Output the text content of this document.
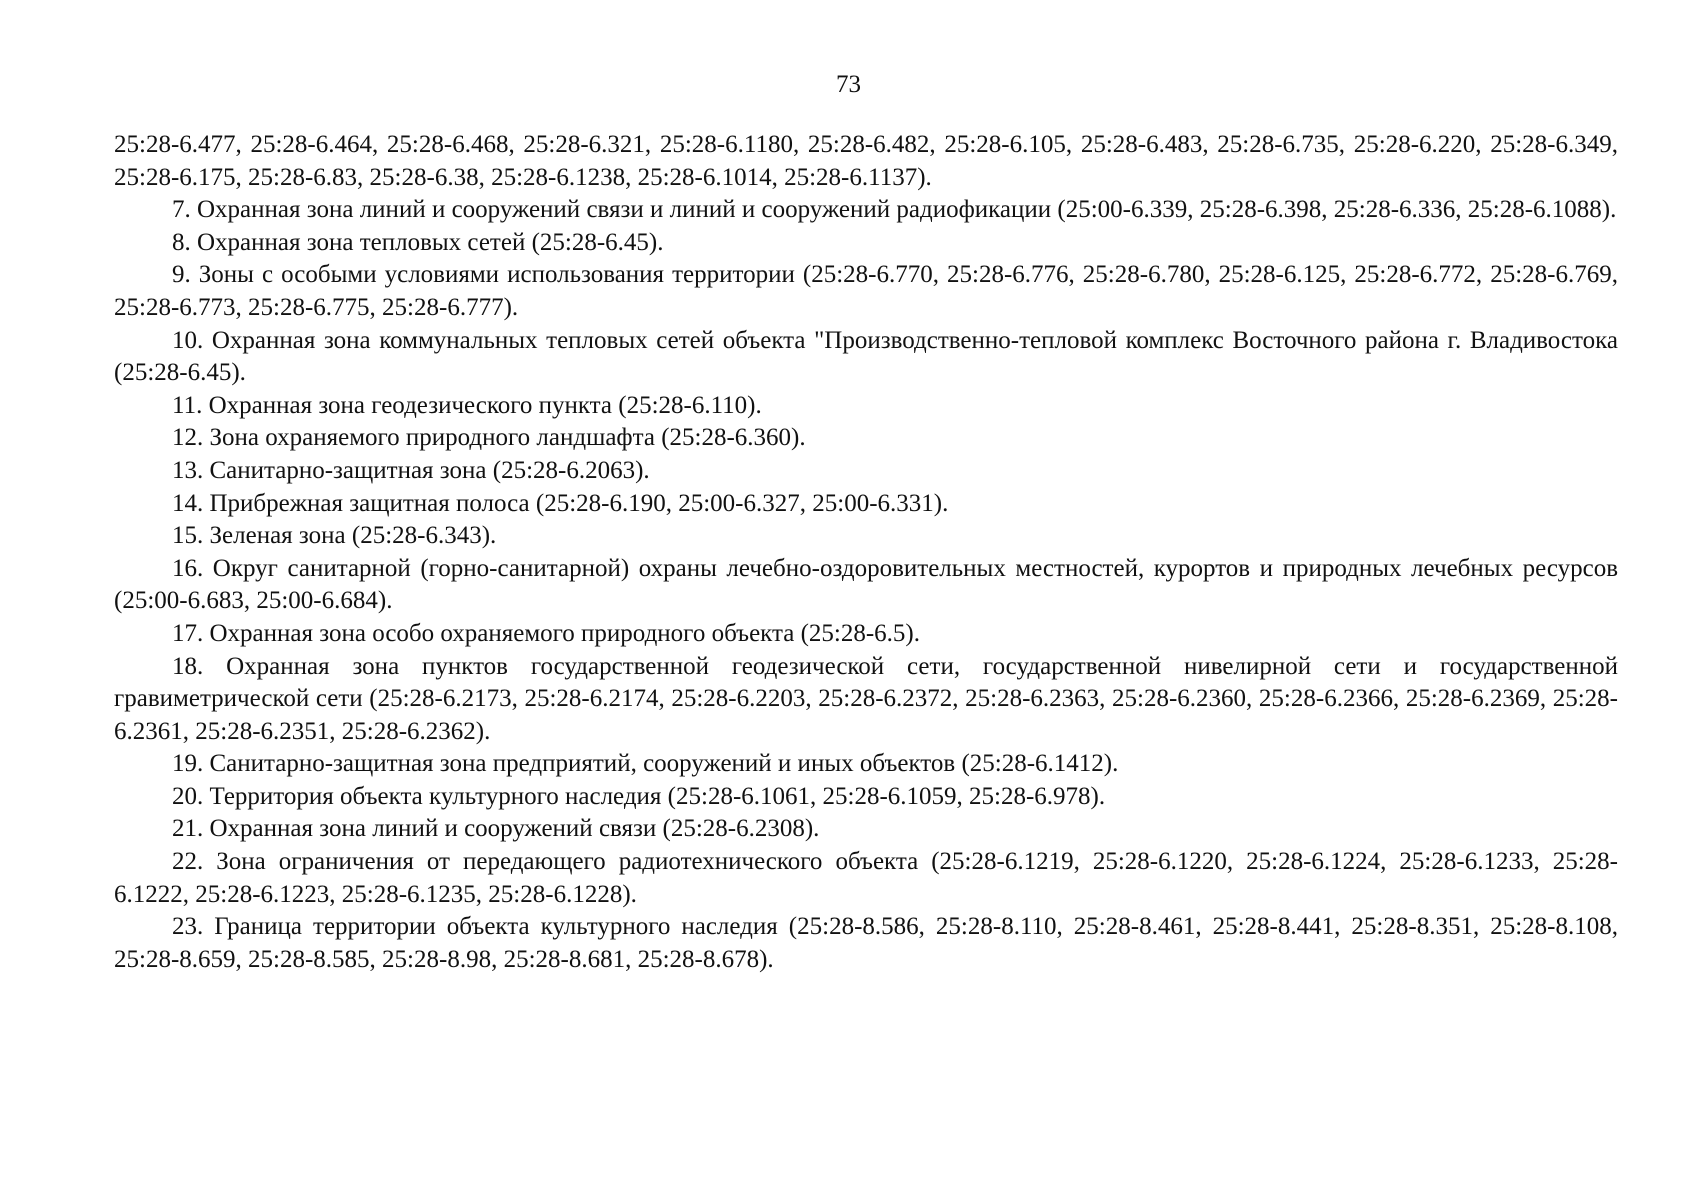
73

25:28-6.477, 25:28-6.464, 25:28-6.468, 25:28-6.321, 25:28-6.1180, 25:28-6.482, 25:28-6.105, 25:28-6.483, 25:28-6.735, 25:28-6.220, 25:28-6.349, 25:28-6.175, 25:28-6.83, 25:28-6.38, 25:28-6.1238, 25:28-6.1014, 25:28-6.1137).

7. Охранная зона линий и сооружений связи и линий и сооружений радиофикации (25:00-6.339, 25:28-6.398, 25:28-6.336, 25:28-6.1088).

8. Охранная зона тепловых сетей (25:28-6.45).

9. Зоны с особыми условиями использования территории (25:28-6.770, 25:28-6.776, 25:28-6.780, 25:28-6.125, 25:28-6.772, 25:28-6.769, 25:28-6.773, 25:28-6.775, 25:28-6.777).

10. Охранная зона коммунальных тепловых сетей объекта "Производственно-тепловой комплекс Восточного района г. Владивостока (25:28-6.45).

11. Охранная зона геодезического пункта (25:28-6.110).

12. Зона охраняемого природного ландшафта (25:28-6.360).

13. Санитарно-защитная зона (25:28-6.2063).

14. Прибрежная защитная полоса (25:28-6.190, 25:00-6.327, 25:00-6.331).

15. Зеленая зона (25:28-6.343).

16. Округ санитарной (горно-санитарной) охраны лечебно-оздоровительных местностей, курортов и природных лечебных ресурсов (25:00-6.683, 25:00-6.684).

17. Охранная зона особо охраняемого природного объекта (25:28-6.5).

18. Охранная зона пунктов государственной геодезической сети, государственной нивелирной сети и государственной гравиметрической сети (25:28-6.2173, 25:28-6.2174, 25:28-6.2203, 25:28-6.2372, 25:28-6.2363, 25:28-6.2360, 25:28-6.2366, 25:28-6.2369, 25:28-6.2361, 25:28-6.2351, 25:28-6.2362).

19. Санитарно-защитная зона предприятий, сооружений и иных объектов (25:28-6.1412).

20. Территория объекта культурного наследия (25:28-6.1061, 25:28-6.1059, 25:28-6.978).

21. Охранная зона линий и сооружений связи (25:28-6.2308).

22. Зона ограничения от передающего радиотехнического объекта (25:28-6.1219, 25:28-6.1220, 25:28-6.1224, 25:28-6.1233, 25:28-6.1222, 25:28-6.1223, 25:28-6.1235, 25:28-6.1228).

23. Граница территории объекта культурного наследия (25:28-8.586, 25:28-8.110, 25:28-8.461, 25:28-8.441, 25:28-8.351, 25:28-8.108, 25:28-8.659, 25:28-8.585, 25:28-8.98, 25:28-8.681, 25:28-8.678).
